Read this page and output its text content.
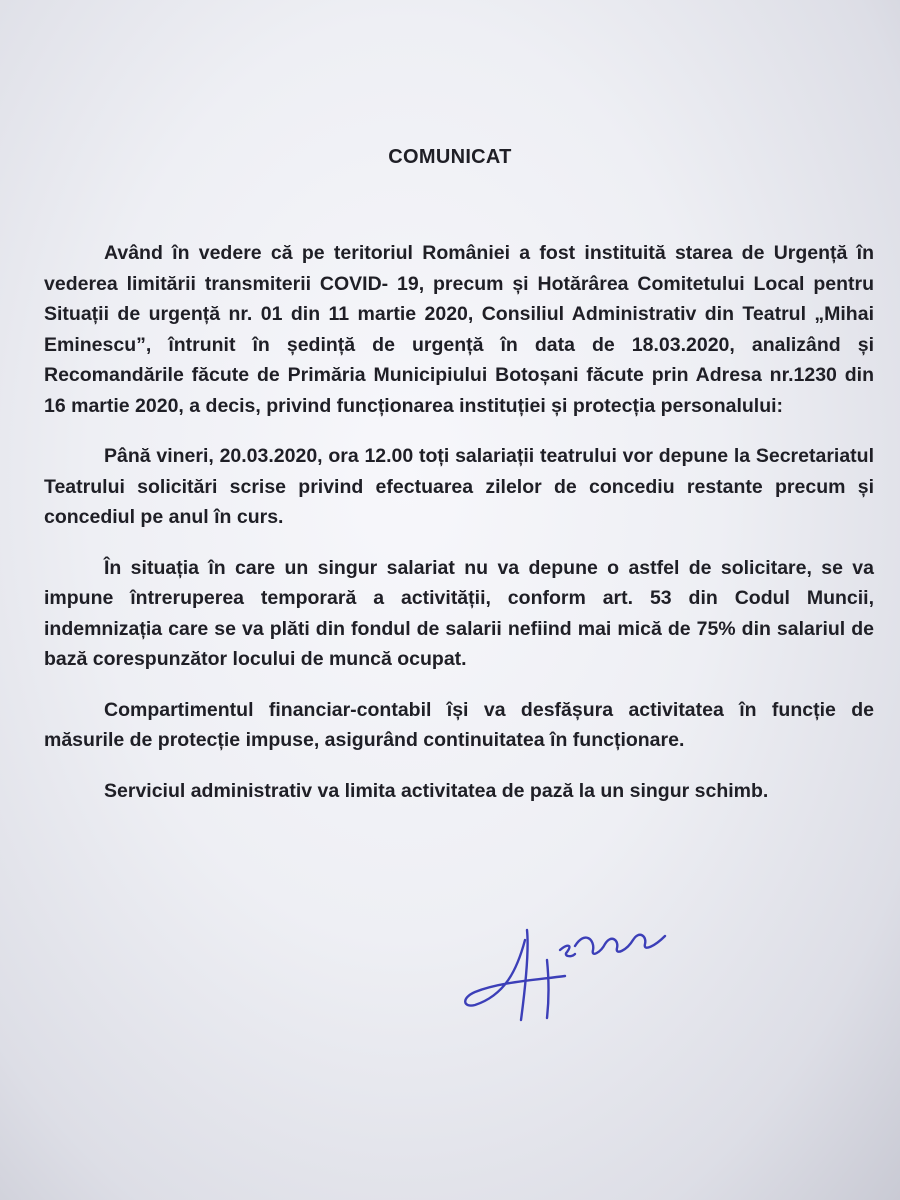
COMUNICAT

Având în vedere că pe teritoriul României a fost instituită starea de Urgență în vederea limitării transmiterii COVID- 19, precum și Hotărârea Comitetului Local pentru Situații de urgență nr. 01 din 11 martie 2020, Consiliul Administrativ din Teatrul „Mihai Eminescu”, întrunit în ședință de urgență în data de 18.03.2020, analizând și Recomandările făcute de Primăria Municipiului Botoșani făcute prin Adresa nr.1230 din 16 martie 2020, a decis, privind funcționarea instituției și protecția personalului:

Până vineri, 20.03.2020, ora 12.00 toți salariații teatrului vor depune la Secretariatul Teatrului solicitări scrise privind efectuarea zilelor de concediu restante precum și concediul pe anul în curs.

În situația în care un singur salariat nu va depune o astfel de solicitare, se va impune întreruperea temporară a activității, conform art. 53 din Codul Muncii, indemnizația care se va plăti din fondul de salarii nefiind mai mică de 75% din salariul de bază corespunzător locului de muncă ocupat.

Compartimentul financiar-contabil își va desfășura activitatea în funcție de măsurile de protecție impuse, asigurând continuitatea în funcționare.

Serviciul administrativ va limita activitatea de pază la un singur schimb.
